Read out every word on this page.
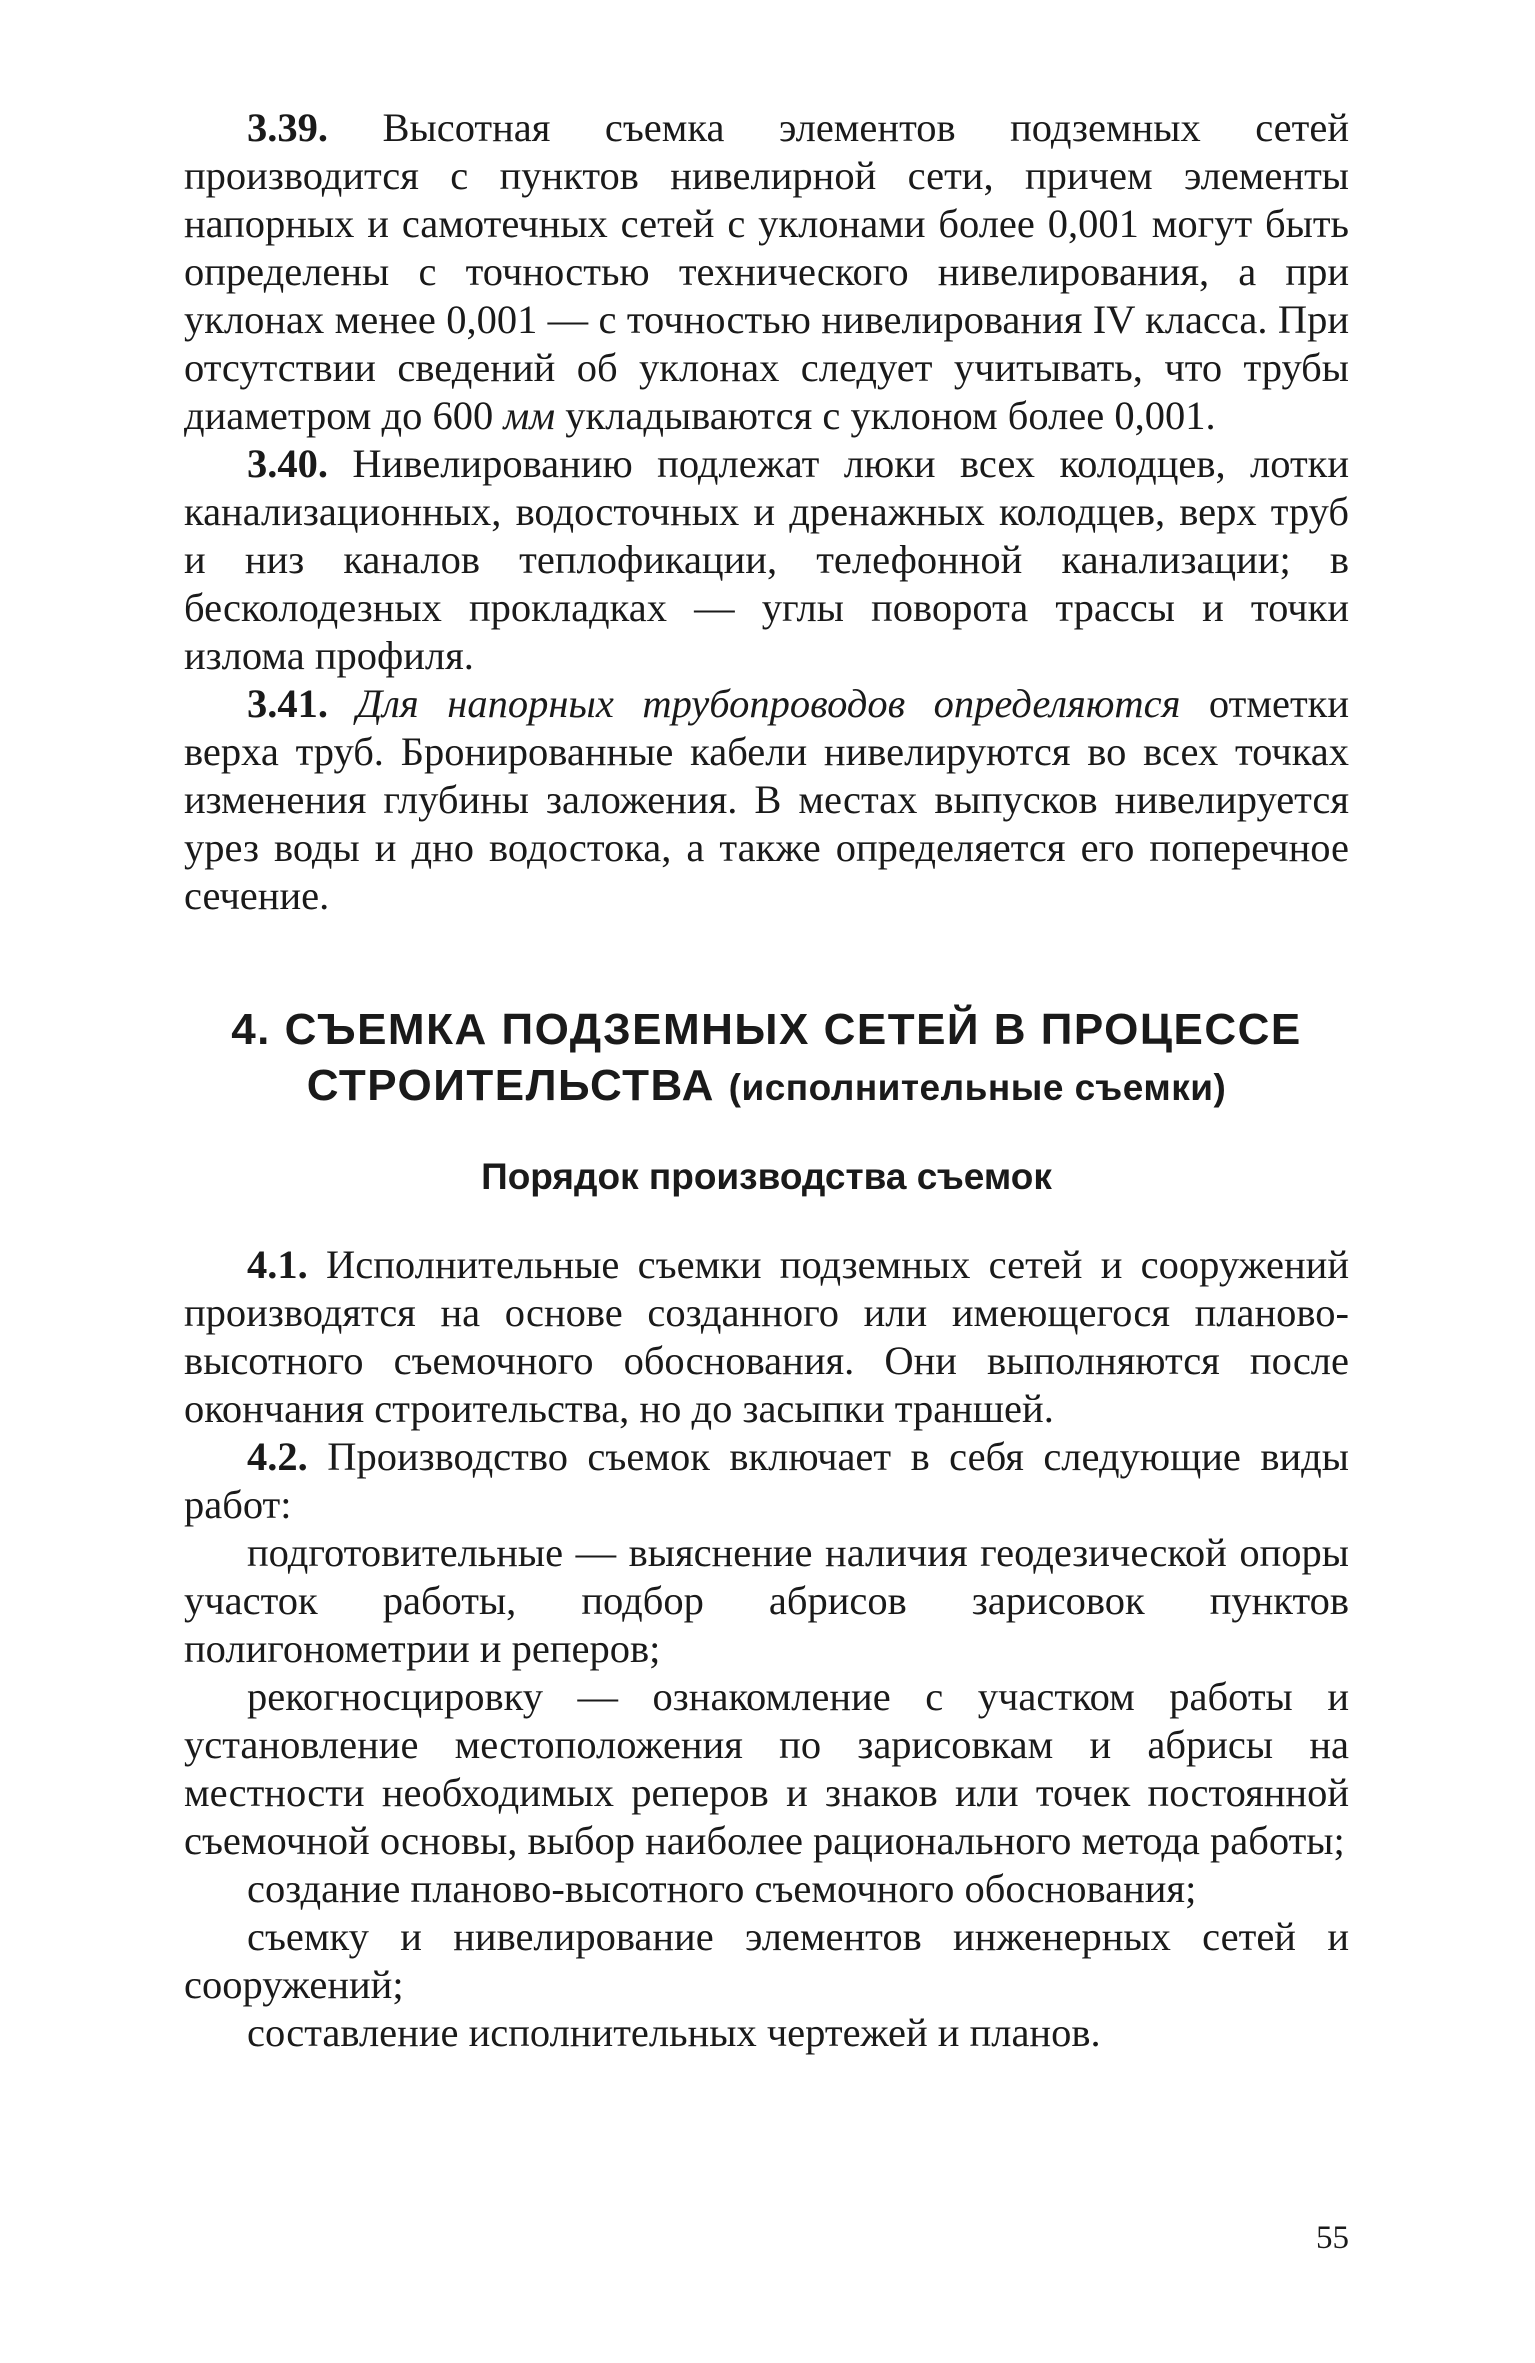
3.39. Высотная съемка элементов подземных сетей производится с пунктов нивелирной сети, причем элементы напорных и самотечных сетей с уклонами более 0,001 могут быть определены с точностью технического нивелирования, а при уклонах менее 0,001 — с точностью нивелирования IV класса. При отсутствии сведений об уклонах следует учитывать, что трубы диаметром до 600 мм укладываются с уклоном более 0,001.

3.40. Нивелированию подлежат люки всех колодцев, лотки канализационных, водосточных и дренажных колодцев, верх труб и низ каналов теплофикации, телефонной канализации; в бесколодезных прокладках — углы поворота трассы и точки излома профиля.

3.41. Для напорных трубопроводов определяются отметки верха труб. Бронированные кабели нивелируются во всех точках изменения глубины заложения. В местах выпусков нивелируется урез воды и дно водостока, а также определяется его поперечное сечение.

4. СЪЕМКА ПОДЗЕМНЫХ СЕТЕЙ В ПРОЦЕССЕ
СТРОИТЕЛЬСТВА (исполнительные съемки)
Порядок производства съемок

4.1. Исполнительные съемки подземных сетей и сооружений производятся на основе созданного или имеющегося планово-высотного съемочного обоснования. Они выполняются после окончания строительства, но до засыпки траншей.

4.2. Производство съемок включает в себя следующие виды работ:

подготовительные — выяснение наличия геодезической опоры участок работы, подбор абрисов зарисовок пунктов полигонометрии и реперов;

рекогносцировку — ознакомление с участком работы и установление местоположения по зарисовкам и абрисы на местности необходимых реперов и знаков или точек постоянной съемочной основы, выбор наиболее рационального метода работы;

создание планово-высотного съемочного обоснования;

съемку и нивелирование элементов инженерных сетей и сооружений;

составление исполнительных чертежей и планов.

55
